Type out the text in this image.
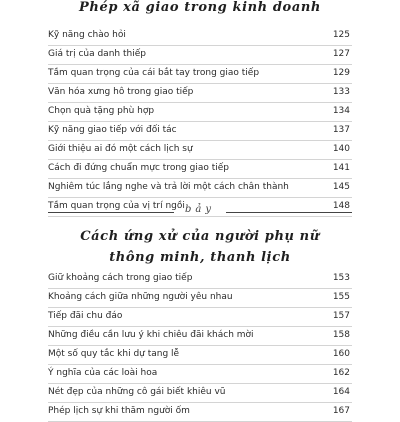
Phép xã giao trong kinh doanh
Kỹ năng chào hỏi	125
Giá trị của danh thiếp	127
Tầm quan trọng của cái bắt tay trong giao tiếp	129
Văn hóa xưng hô trong giao tiếp	133
Chọn quà tặng phù hợp	134
Kỹ năng giao tiếp với đối tác	137
Giới thiệu ai đó một cách lịch sự	140
Cách đi đứng chuẩn mực trong giao tiếp	141
Nghiêm túc lắng nghe và trả lời một cách chân thành	145
Tầm quan trọng của vị trí ngồi	148
bảy
Cách ứng xử của người phụ nữ
thông minh, thanh lịch
Giữ khoảng cách trong giao tiếp	153
Khoảng cách giữa những người yêu nhau	155
Tiếp đãi chu đáo	157
Những điều cần lưu ý khi chiêu đãi khách mời	158
Một số quy tắc khi dự tang lễ	160
Ý nghĩa của các loài hoa	162
Nét đẹp của những cô gái biết khiêu vũ	164
Phép lịch sự khi thăm người ốm	167
